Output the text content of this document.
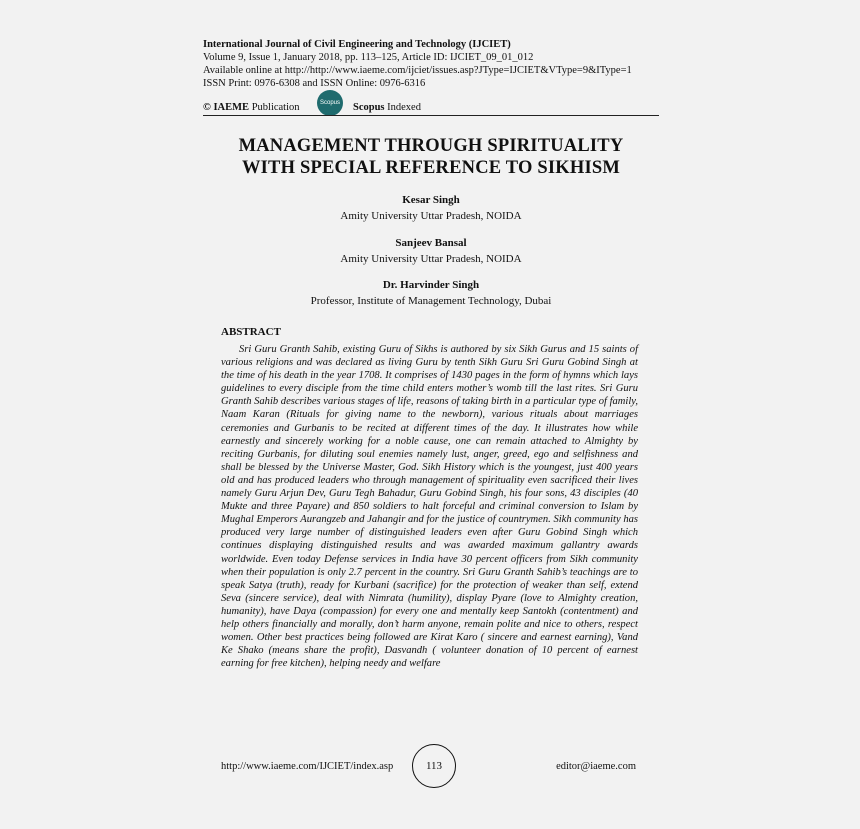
International Journal of Civil Engineering and Technology (IJCIET)
Volume 9, Issue 1, January 2018, pp. 113–125, Article ID: IJCIET_09_01_012
Available online at http://http://www.iaeme.com/ijciet/issues.asp?JType=IJCIET&VType=9&IType=1
ISSN Print: 0976-6308 and ISSN Online: 0976-6316
© IAEME Publication	Scopus Scopus Indexed
MANAGEMENT THROUGH SPIRITUALITY
WITH SPECIAL REFERENCE TO SIKHISM
Kesar Singh
Amity University Uttar Pradesh, NOIDA
Sanjeev Bansal
Amity University Uttar Pradesh, NOIDA
Dr. Harvinder Singh
Professor, Institute of Management Technology, Dubai
ABSTRACT

Sri Guru Granth Sahib, existing Guru of Sikhs is authored by six Sikh Gurus and 15 saints of various religions and was declared as living Guru by tenth Sikh Guru Sri Guru Gobind Singh at the time of his death in the year 1708. It comprises of 1430 pages in the form of hymns which lays guidelines to every disciple from the time child enters mother’s womb till the last rites. Sri Guru Granth Sahib describes various stages of life, reasons of taking birth in a particular type of family, Naam Karan (Rituals for giving name to the newborn), various rituals about marriages ceremonies and Gurbanis to be recited at different times of the day. It illustrates how while earnestly and sincerely working for a noble cause, one can remain attached to Almighty by reciting Gurbanis, for diluting soul enemies namely lust, anger, greed, ego and selfishness and shall be blessed by the Universe Master, God. Sikh History which is the youngest, just 400 years old and has produced leaders who through management of spirituality even sacrificed their lives namely Guru Arjun Dev, Guru Tegh Bahadur, Guru Gobind Singh, his four sons, 43 disciples (40 Mukte and three Payare) and 850 soldiers to halt forceful and criminal conversion to Islam by Mughal Emperors Aurangzeb and Jahangir and for the justice of countrymen. Sikh community has produced very large number of distinguished leaders even after Guru Gobind Singh which continues displaying distinguished results and was awarded maximum gallantry awards worldwide. Even today Defense services in India have 30 percent officers from Sikh community when their population is only 2.7 percent in the country. Sri Guru Granth Sahib’s teachings are to speak Satya (truth), ready for Kurbani (sacrifice) for the protection of weaker than self, extend Seva (sincere service), deal with Nimrata (humility), display Pyare (love to Almighty creation, humanity), have Daya (compassion) for every one and mentally keep Santokh (contentment) and help others financially and morally, don’t harm anyone, remain polite and nice to others, respect women. Other best practices being followed are Kirat Karo ( sincere and earnest earning), Vand Ke Shako (means share the profit), Dasvandh ( volunteer donation of 10 percent of earnest earning for free kitchen), helping needy and welfare

http://www.iaeme.com/IJCIET/index.asp	113	editor@iaeme.com
